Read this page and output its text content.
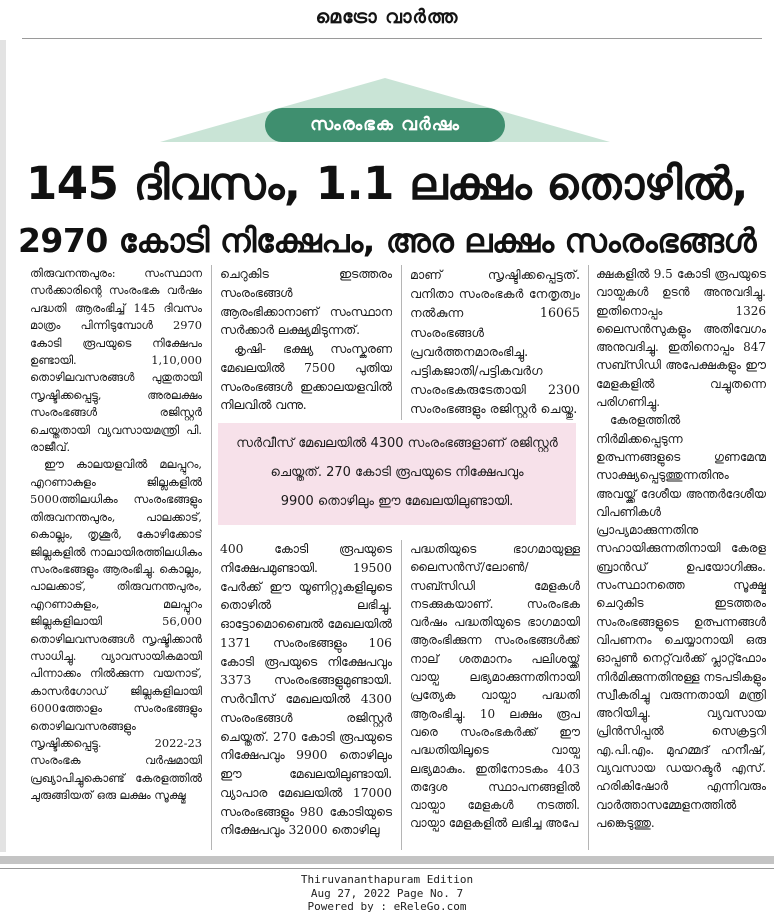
മെട്രോ വാർത്ത
സംരംഭക വർഷം
145 ദിവസം, 1.1 ലക്ഷം തൊഴിൽ,
2970 കോടി നിക്ഷേപം, അര ലക്ഷം സംരംഭങ്ങൾ

തിരുവനന്തപുരം: സംസ്ഥാന സർക്കാരിന്റെ സംരംഭക വർഷം പദ്ധതി ആരംഭിച്ച് 145 ദിവസം മാത്രം പിന്നിടുമ്പോൾ 2970 കോടി രൂപയുടെ നിക്ഷേപം ഉണ്ടായി. 1,10,000 തൊഴിലവസരങ്ങൾ പുതുതായി സൃഷ്ടിക്കപ്പെട്ടു, അരലക്ഷം സംരംഭങ്ങൾ രജിസ്റ്റർ ചെയ്തതായി വ്യവസായമന്ത്രി പി. രാജീവ്.

ഈ കാലയളവിൽ മലപ്പുറം, എറണാകുളം ജില്ലകളിൽ 5000ത്തിലധികം സംരംഭങ്ങളും തിരുവനന്തപുരം, പാലക്കാട്, കൊല്ലം, തൃശൂർ, കോഴിക്കോട് ജില്ലകളിൽ നാലായിരത്തിലധികം സംരംഭങ്ങളും ആരംഭിച്ചു. കൊല്ലം, പാലക്കാട്, തിരുവനന്തപുരം, എറണാകുളം, മലപ്പുറം ജില്ലകളിലായി 56,000 തൊഴിലവസരങ്ങൾ സൃഷ്ടിക്കാൻ സാധിച്ചു. വ്യാവസായികമായി പിന്നാക്കം നിൽക്കുന്ന വയനാട്, കാസർഗോഡ് ജില്ലകളിലായി 6000ത്തോളം സംരംഭങ്ങളും തൊഴിലവസരങ്ങളും സൃഷ്ടിക്കപ്പെട്ടു. 2022-23 സംരംഭക വർഷമായി പ്രഖ്യാപിച്ചുകൊണ്ട് കേരളത്തിൽ ചുരുങ്ങിയത് ഒരു ലക്ഷം സൂക്ഷ്മ

ചെറുകിട ഇടത്തരം സംരംഭങ്ങൾ ആരംഭിക്കാനാണ് സംസ്ഥാന സർക്കാർ ലക്ഷ്യമിടുന്നത്.

കൃഷി- ഭക്ഷ്യ സംസ്കരണ മേഖലയിൽ 7500 പുതിയ സംരംഭങ്ങൾ ഇക്കാലയളവിൽ നിലവിൽ വന്നു.

മാണ് സൃഷ്ടിക്കപ്പെട്ടത്. വനിതാ സംരംഭകർ നേതൃത്വം നൽകുന്ന 16065 സംരംഭങ്ങൾ പ്രവർത്തനമാരംഭിച്ചു. പട്ടികജാതി/പട്ടികവർഗ സംരംഭകരുടേതായി 2300 സംരംഭങ്ങളും രജിസ്റ്റർ ചെയ്തു.

സർവീസ് മേഖലയിൽ 4300 സംരംഭങ്ങളാണ് രജിസ്റ്റർ
ചെയ്തത്. 270 കോടി രൂപയുടെ നിക്ഷേപവും
9900 തൊഴിലും ഈ മേഖലയിലുണ്ടായി.

400 കോടി രൂപയുടെ നിക്ഷേപമുണ്ടായി. 19500 പേർക്ക് ഈ യൂണിറ്റുകളിലൂടെ തൊഴിൽ ലഭിച്ചു. ഓട്ടോമൊബൈൽ മേഖലയിൽ 1371 സംരംഭങ്ങളും 106 കോടി രൂപയുടെ നിക്ഷേപവും 3373 സംരംഭങ്ങളുമുണ്ടായി. സർവീസ് മേഖലയിൽ 4300 സംരംഭങ്ങൾ രജിസ്റ്റർ ചെയ്തത്. 270 കോടി രൂപയുടെ നിക്ഷേപവും 9900 തൊഴിലും ഈ മേഖലയിലുണ്ടായി. വ്യാപാര മേഖലയിൽ 17000 സംരംഭങ്ങളും 980 കോടിയുടെ നിക്ഷേപവും 32000 തൊഴിലു

പദ്ധതിയുടെ ഭാഗമായുള്ള ലൈസൻസ്/ലോൺ/സബ്സിഡി മേളകൾ നടക്കുകയാണ്. സംരംഭക വർഷം പദ്ധതിയുടെ ഭാഗമായി ആരംഭിക്കുന്ന സംരംഭങ്ങൾക്ക് നാല് ശതമാനം പലിശയ്ക്ക് വായ്പ ലഭ്യമാക്കുന്നതിനായി പ്രത്യേക വായ്പാ പദ്ധതി ആരംഭിച്ചു. 10 ലക്ഷം രൂപ വരെ സംരംഭകർക്ക് ഈ പദ്ധതിയിലൂടെ വായ്പ ലഭ്യമാകും. ഇതിനോടകം 403 തദ്ദേശ സ്ഥാപനങ്ങളിൽ വായ്പാ മേളകൾ നടത്തി. വായ്പാ മേളകളിൽ ലഭിച്ച അപേ

ക്ഷകളിൽ 9.5 കോടി രൂപയുടെ വായ്പകൾ ഉടൻ അനുവദിച്ചു. ഇതിനൊപ്പം 1326 ലൈസൻസുകളും അതിവേഗം അനുവദിച്ചു. ഇതിനൊപ്പം 847 സബ്സിഡി അപേക്ഷകളും ഈ മേളകളിൽ വച്ചുതന്നെ പരിഗണിച്ചു.

കേരളത്തിൽ നിർമിക്കപ്പെടുന്ന ഉത്പന്നങ്ങളുടെ ഗുണമേന്മ സാക്ഷ്യപ്പെടുത്തുന്നതിനും അവയ്ക്ക് ദേശീയ അന്തർദേശീയ വിപണികൾ പ്രാപ്യമാക്കുന്നതിനു സഹായിക്കുന്നതിനായി കേരള ബ്രാൻഡ് ഉപയോഗിക്കും. സംസ്ഥാനത്തെ സൂക്ഷ്മ ചെറുകിട ഇടത്തരം സംരംഭങ്ങളുടെ ഉത്പന്നങ്ങൾ വിപണനം ചെയ്യാനായി ഒരു ഓപ്പൺ നെറ്റ്‌വർക്ക് പ്ലാറ്റ്ഫോം നിർമിക്കുന്നതിനുള്ള നടപടികളും സ്വീകരിച്ചു വരുന്നതായി മന്ത്രി അറിയിച്ചു. വ്യവസായ പ്രിൻസിപ്പൽ സെക്രട്ടറി എ.പി.എം. മുഹമ്മദ് ഹനീഷ്, വ്യവസായ ഡയറക്ടർ എസ്. ഹരികിഷോർ എന്നിവരും വാർത്താസമ്മേളനത്തിൽ പങ്കെടുത്തു.

Thiruvananthapuram Edition
Aug 27, 2022 Page No. 7
Powered by : eReleGo.com
